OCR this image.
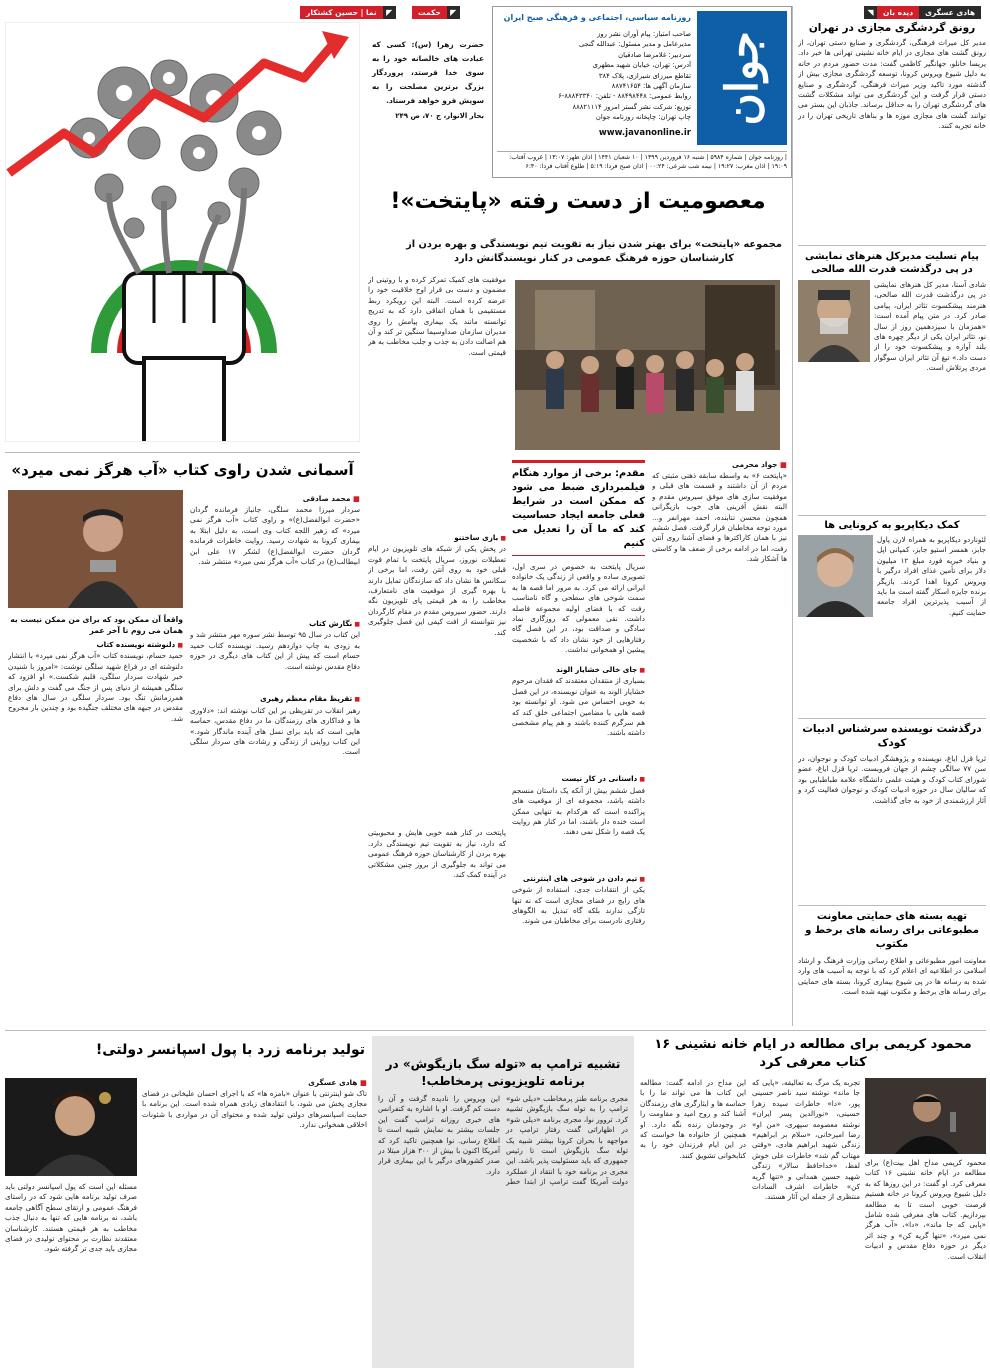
جوان
روزنامه سیاسی، اجتماعی و فرهنگی صبح ایران
صاحب امتیاز: پیام آوران نشر روز
مدیرعامل و مدیر مسئول: عبدالله گنجی
سردبیر: غلامرضا صادقیان
آدرس: تهران، خیابان شهید مطهری
تقاطع میرزای شیرازی، پلاک ۳۸۴
سازمان آگهی ها: ۸۸۷۴۱۶۵۴
روابط عمومی: ۸۸۴۹۸۴۴۸ - تلفن: ۸۸۸۴۳۳۴۰-۶
توزیع: شرکت نشر گستر امروز ۸۸۸۲۱۱۱۴
چاپ تهران: چاپخانه روزنامه جوان
www.javanonline.ir
| روزنامه جوان | شماره ۵۹۸۴ | شنبه ۱۶ فروردین ۱۳۹۹ | ۱۰ شعبان ۱۴۴۱ | اذان ظهر: ۱۳:۰۷ | غروب آفتاب: ۱۹:۰۹ | اذان مغرب: ۱۹:۲۷ | نیمه شب شرعی: ۰۰:۲۴ | اذان صبح فردا: ۵:۱۹ | طلوع آفتاب فردا: ۶:۴۰
◤
حکمت
حضرت زهرا (س): کسی که عبادت های خالصانه خود را به سوی خدا فرستد، پروردگار بزرگ برترین مصلحت را به سویش فرو خواهد فرستاد.
بحار الانوار، ج ۷۰، ص ۲۴۹
◤
نما | حسین کشتکار	هادی عسگری
دیده بان
◥
رونق گردشگری مجازی در تهران
مدیر کل میراث فرهنگی، گردشگری و صنایع دستی تهران، از رونق گشت های مجازی در ایام خانه نشینی تهرانی ها خبر داد. پریسا خانلو، جهانگیر کاظمی گفت: مدت حضور مردم در خانه به دلیل شیوع ویروس کرونا، توسعه گردشگری مجازی بیش از گذشته مورد تاکید وزیر میراث فرهنگی، گردشگری و صنایع دستی قرار گرفت و این گردشگری می تواند مشکلات گشت های گردشگری تهران را به حداقل برساند. جاذبان این بستر می توانند گشت های مجازی موزه ها و بناهای تاریخی تهران را در خانه تجربه کنند.
پیام تسلیت مدیرکل هنرهای نمایشی در پی درگذشت قدرت الله صالحی
شادی آسنا، مدیر کل هنرهای نمایشی در پی درگذشت قدرت الله صالحی، هنرمند پیشکسوت تئاتر ایران، پیامی صادر کرد. در متن پیام آمده است: «همزمان با سیزدهمین روز از سال نو، تئاتر ایران یکی از دیگر چهره های بلند آوازه و پیشکسوت خود را از دست داد.» تیغ آن تئاتر ایران سوگوار مردی پرتلاش است.
کمک دیکاپریو به کرونایی ها
لئوناردو دیکاپریو به همراه لارن پاول جابز، همسر استیو جابز، کمپانی اپل و بنیاد خیریه فورد مبلغ ۱۲ میلیون دلار برای تأمین غذای افراد درگیر با ویروس کرونا اهدا کردند. بازیگر برنده جایزه اسکار گفته است ما باید از آسیب پذیرترین افراد جامعه حمایت کنیم.
درگذشت نویسنده سرشناس ادبیات کودک
ثریا قزل ایاغ، نویسنده و پژوهشگر ادبیات کودک و نوجوان، در سن ۷۷ سالگی چشم از جهان فروبست. ثریا قزل ایاغ، عضو شورای کتاب کودک و هیئت علمی دانشگاه علامه طباطبایی بود که سالیان سال در حوزه ادبیات کودک و نوجوان فعالیت کرد و آثار ارزشمندی از خود به جای گذاشت.
تهیه بسته های حمایتی معاونت مطبوعاتی برای رسانه های برخط و مکتوب
معاونت امور مطبوعاتی و اطلاع رسانی وزارت فرهنگ و ارشاد اسلامی در اطلاعیه ای اعلام کرد که با توجه به آسیب های وارد شده به رسانه ها در پی شیوع بیماری کرونا، بسته های حمایتی برای رسانه های برخط و مکتوب تهیه شده است.
معصومیت از دست رفته «پایتخت»!
مجموعه «پایتخت» برای بهتر شدن نیاز به تقویت تیم نویسندگی و بهره بردن از کارشناسان حوزه فرهنگ عمومی در کنار نویسندگانش دارد
■ جواد محرمی
«پایتخت ۶» به واسطه سابقه ذهنی مثبتی که مردم از آن داشتند و قسمت های قبلی و موفقیت سازی های موفق سیروس مقدم و البته نقش آفرینی های خوب بازیگرانی همچون محسن تنابنده، احمد مهرانفر و... مورد توجه مخاطبان قرار گرفت. فصل ششم نیز با همان کاراکترها و فضای آشنا روی آنتن رفت، اما در ادامه برخی از ضعف ها و کاستی ها آشکار شد.
مقدم: برخی از موارد هنگام فیلمبرداری ضبط می شود که ممکن است در شرایط فعلی جامعه ایجاد حساسیت کند که ما آن را تعدیل می کنیم
سریال پایتخت به خصوص در سری اول، تصویری ساده و واقعی از زندگی یک خانواده ایرانی ارائه می کرد. به مرور اما قصه ها به سمت شوخی های سطحی و گاه نامناسب رفت که با فضای اولیه مجموعه فاصله داشت. نقی معمولی که روزگاری نماد سادگی و صداقت بود، در این فصل گاه رفتارهایی از خود نشان داد که با شخصیت پیشین او همخوانی نداشت.
■ جای خالی خشایار الوند
بسیاری از منتقدان معتقدند که فقدان مرحوم خشایار الوند به عنوان نویسنده، در این فصل به خوبی احساس می شود. او توانسته بود قصه هایی با مضامین اجتماعی خلق کند که هم سرگرم کننده باشند و هم پیام مشخصی داشته باشند.
■ داستانی در کار نیست
فصل ششم بیش از آنکه یک داستان منسجم داشته باشد، مجموعه ای از موقعیت های پراکنده است که هرکدام به تنهایی ممکن است خنده دار باشند، اما در کنار هم روایت یک قصه را شکل نمی دهند.
■ تیم دادن در شوخی های اینترنتی
یکی از انتقادات جدی، استفاده از شوخی های رایج در فضای مجازی است که نه تنها تازگی ندارند بلکه گاه تبدیل به الگوهای رفتاری نادرست برای مخاطبان می شوند.
موفقیت های کمیک تمرکز کرده و با روتینی از مضمون و دست بی قرار اوج خلاقیت خود را عرضه کرده است. البته این رویکرد ربط مستقیمی با همان اتفاقی دارد که به تدریج توانسته مانند یک بیماری پیامش را روی مدیران سازمان صداوسیما سنگین تر کند و آن هم اصالت دادن به جذب و جلب مخاطب به هر قیمتی است.
■ بازی ساختنو
در پخش یکی از شبکه های تلویزیون در ایام تعطیلات نوروز، سریال پایتخت با تمام قوت قبلی خود به روی آنتن رفت، اما برخی از سکانس ها نشان داد که سازندگان تمایل دارند با بهره گیری از موقعیت های نامتعارف، مخاطب را به هر قیمتی پای تلویزیون نگه دارند. حضور سیروس مقدم در مقام کارگردان نیز نتوانسته از افت کیفی این فصل جلوگیری کند.
پایتخت در کنار همه خوبی هایش و محبوبیتی که دارد، نیاز به تقویت تیم نویسندگی دارد. بهره بردن از کارشناسان حوزه فرهنگ عمومی می تواند به جلوگیری از بروز چنین مشکلاتی در آینده کمک کند.
آسمانی شدن راوی کتاب «آب هرگز نمی میرد»
■ محمد صادقی
سردار میرزا محمد سلگی، جانباز فرمانده گردان «حضرت ابوالفضل(ع)» و راوی کتاب «آب هرگز نمی میرد» که زهیر اللجه کتاب وی است، به دلیل ابتلا به بیماری کرونا به شهادت رسید. روایت خاطرات فرمانده گردان حضرت ابوالفضل(ع) لشکر ۱۷ علی ابن ابیطالب(ع) در کتاب «آب هرگز نمی میرد» منتشر شد.
■ نگارش کتاب
این کتاب در سال ۹۵ توسط نشر سوره مهر منتشر شد و به زودی به چاپ دوازدهم رسید. نویسنده کتاب حمید حسام است که پیش از این کتاب های دیگری در حوزه دفاع مقدس نوشته است.
■ تقریظ مقام معظم رهبری
رهبر انقلاب در تقریظی بر این کتاب نوشته اند: «دلاوری ها و فداکاری های رزمندگان ما در دفاع مقدس، حماسه هایی است که باید برای نسل های آینده ماندگار شود.» این کتاب روایتی از زندگی و رشادت های سردار سلگی است.
واقعاً آن ممکن بود که برای من ممکن نیست به همان می روم تا آخر عمر
■ دلنوشته نویسنده کتاب
حمید حسام، نویسنده کتاب «آب هرگز نمی میرد» با انتشار دلنوشته ای در فراغ شهید سلگی نوشت: «امروز با شنیدن خبر شهادت سردار سلگی، قلبم شکست.» او افزود که سلگی همیشه از دنیای پس از جنگ می گفت و دلش برای همرزمانش تنگ بود. سردار سلگی در سال های دفاع مقدس در جبهه های مختلف جنگیده بود و چندین بار مجروح شد.
محمود کریمی برای مطالعه در ایام خانه نشینی ۱۶ کتاب معرفی کرد
محمود کریمی مداح اهل بیت(ع) برای مطالعه در ایام خانه نشینی ۱۶ کتاب معرفی کرد. او گفت: در این روزها که به دلیل شیوع ویروس کرونا در خانه هستیم فرصت خوبی است تا به مطالعه بپردازیم. کتاب های معرفی شده شامل «پایی که جا ماند»، «دا»، «آب هرگز نمی میرد»، «تنها گریه کن» و چند اثر دیگر در حوزه دفاع مقدس و ادبیات انقلاب است.
تجربه یک مرگ به تعالیقه، «پایی که جا ماند» نوشته سید ناصر حسینی پور، «دا» خاطرات سیده زهرا حسینی، «نورالدین پسر ایران» نوشته معصومه سپهری، «من او» رضا امیرخانی، «سلام بر ابراهیم» زندگی شهید ابراهیم هادی، «وقتی مهتاب گم شد» خاطرات علی خوش لفظ، «خداحافظ سالار» زندگی شهید حسین همدانی و «تنها گریه کن» خاطرات اشرف السادات منتظری از جمله این آثار هستند.
این مداح در ادامه گفت: مطالعه این کتاب ها می تواند ما را با حماسه ها و ایثارگری های رزمندگان آشنا کند و روح امید و مقاومت را در وجودمان زنده نگه دارد. او همچنین از خانواده ها خواست که در این ایام فرزندان خود را به کتابخوانی تشویق کنند.
تشبیه ترامپ به «توله سگ بازیگوش» در برنامه تلویزیونی پرمخاطب!
مجری برنامه طنز پرمخاطب «دیلی شو» ترامپ را به توله سگ بازیگوش تشبیه کرد. تروور نوا، مجری برنامه «دیلی شو» در اظهاراتی گفت رفتار ترامپ در مواجهه با بحران کرونا بیشتر شبیه یک توله سگ بازیگوش است تا رئیس جمهوری که باید مسئولیت پذیر باشد. این مجری در برنامه خود با انتقاد از عملکرد دولت آمریکا گفت ترامپ از ابتدا خطر این ویروس را نادیده گرفت و آن را دست کم گرفت. او با اشاره به کنفرانس های خبری روزانه ترامپ گفت این جلسات بیشتر به نمایش شبیه است تا اطلاع رسانی. نوا همچنین تاکید کرد که آمریکا اکنون با بیش از ۳۰۰ هزار مبتلا در صدر کشورهای درگیر با این بیماری قرار دارد.
تولید برنامه زرد با پول اسپانسر دولتی!
■ هادی عسگری
تاک شو اینترنتی با عنوان «بامزه ها» که با اجرای احسان علیخانی در فضای مجازی پخش می شود، با انتقادهای زیادی همراه شده است. این برنامه با حمایت اسپانسرهای دولتی تولید شده و محتوای آن در مواردی با شئونات اخلاقی همخوانی ندارد.
مسئله این است که پول اسپانسر دولتی باید صرف تولید برنامه هایی شود که در راستای فرهنگ عمومی و ارتقای سطح آگاهی جامعه باشد، نه برنامه هایی که تنها به دنبال جذب مخاطب به هر قیمتی هستند. کارشناسان معتقدند نظارت بر محتوای تولیدی در فضای مجازی باید جدی تر گرفته شود.
